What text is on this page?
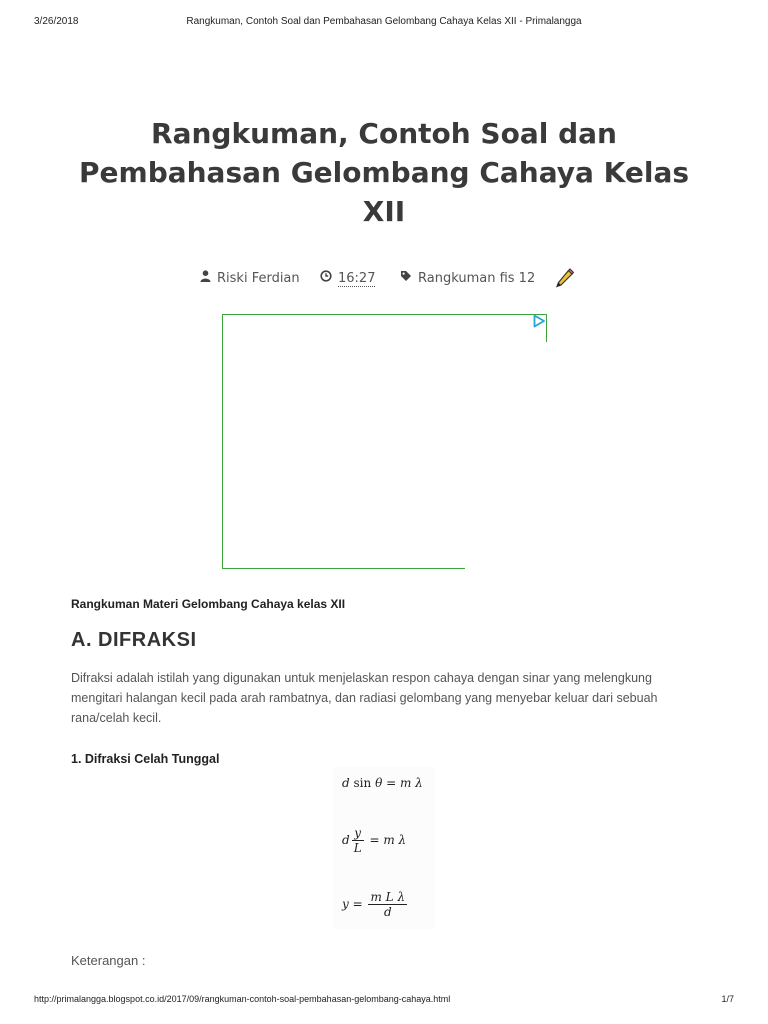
3/26/2018	Rangkuman, Contoh Soal dan Pembahasan Gelombang Cahaya Kelas XII - Primalangga
Rangkuman, Contoh Soal dan Pembahasan Gelombang Cahaya Kelas XII
Riski Ferdian	16:27	Rangkuman fis 12
Rangkuman Materi Gelombang Cahaya kelas XII
A. DIFRAKSI

Difraksi adalah istilah yang digunakan untuk menjelaskan respon cahaya dengan sinar yang melengkung mengitari halangan kecil pada arah rambatnya, dan radiasi gelombang yang menyebar keluar dari sebuah rana/celah kecil.

1. Difraksi Celah Tunggal
d sin θ = m λ
d $\frac{y}{L} = m$ λ
$y = \frac{\text{m L λ}}{d}$
Keterangan :
http://primalangga.blogspot.co.id/2017/09/rangkuman-contoh-soal-pembahasan-gelombang-cahaya.html	1/7
